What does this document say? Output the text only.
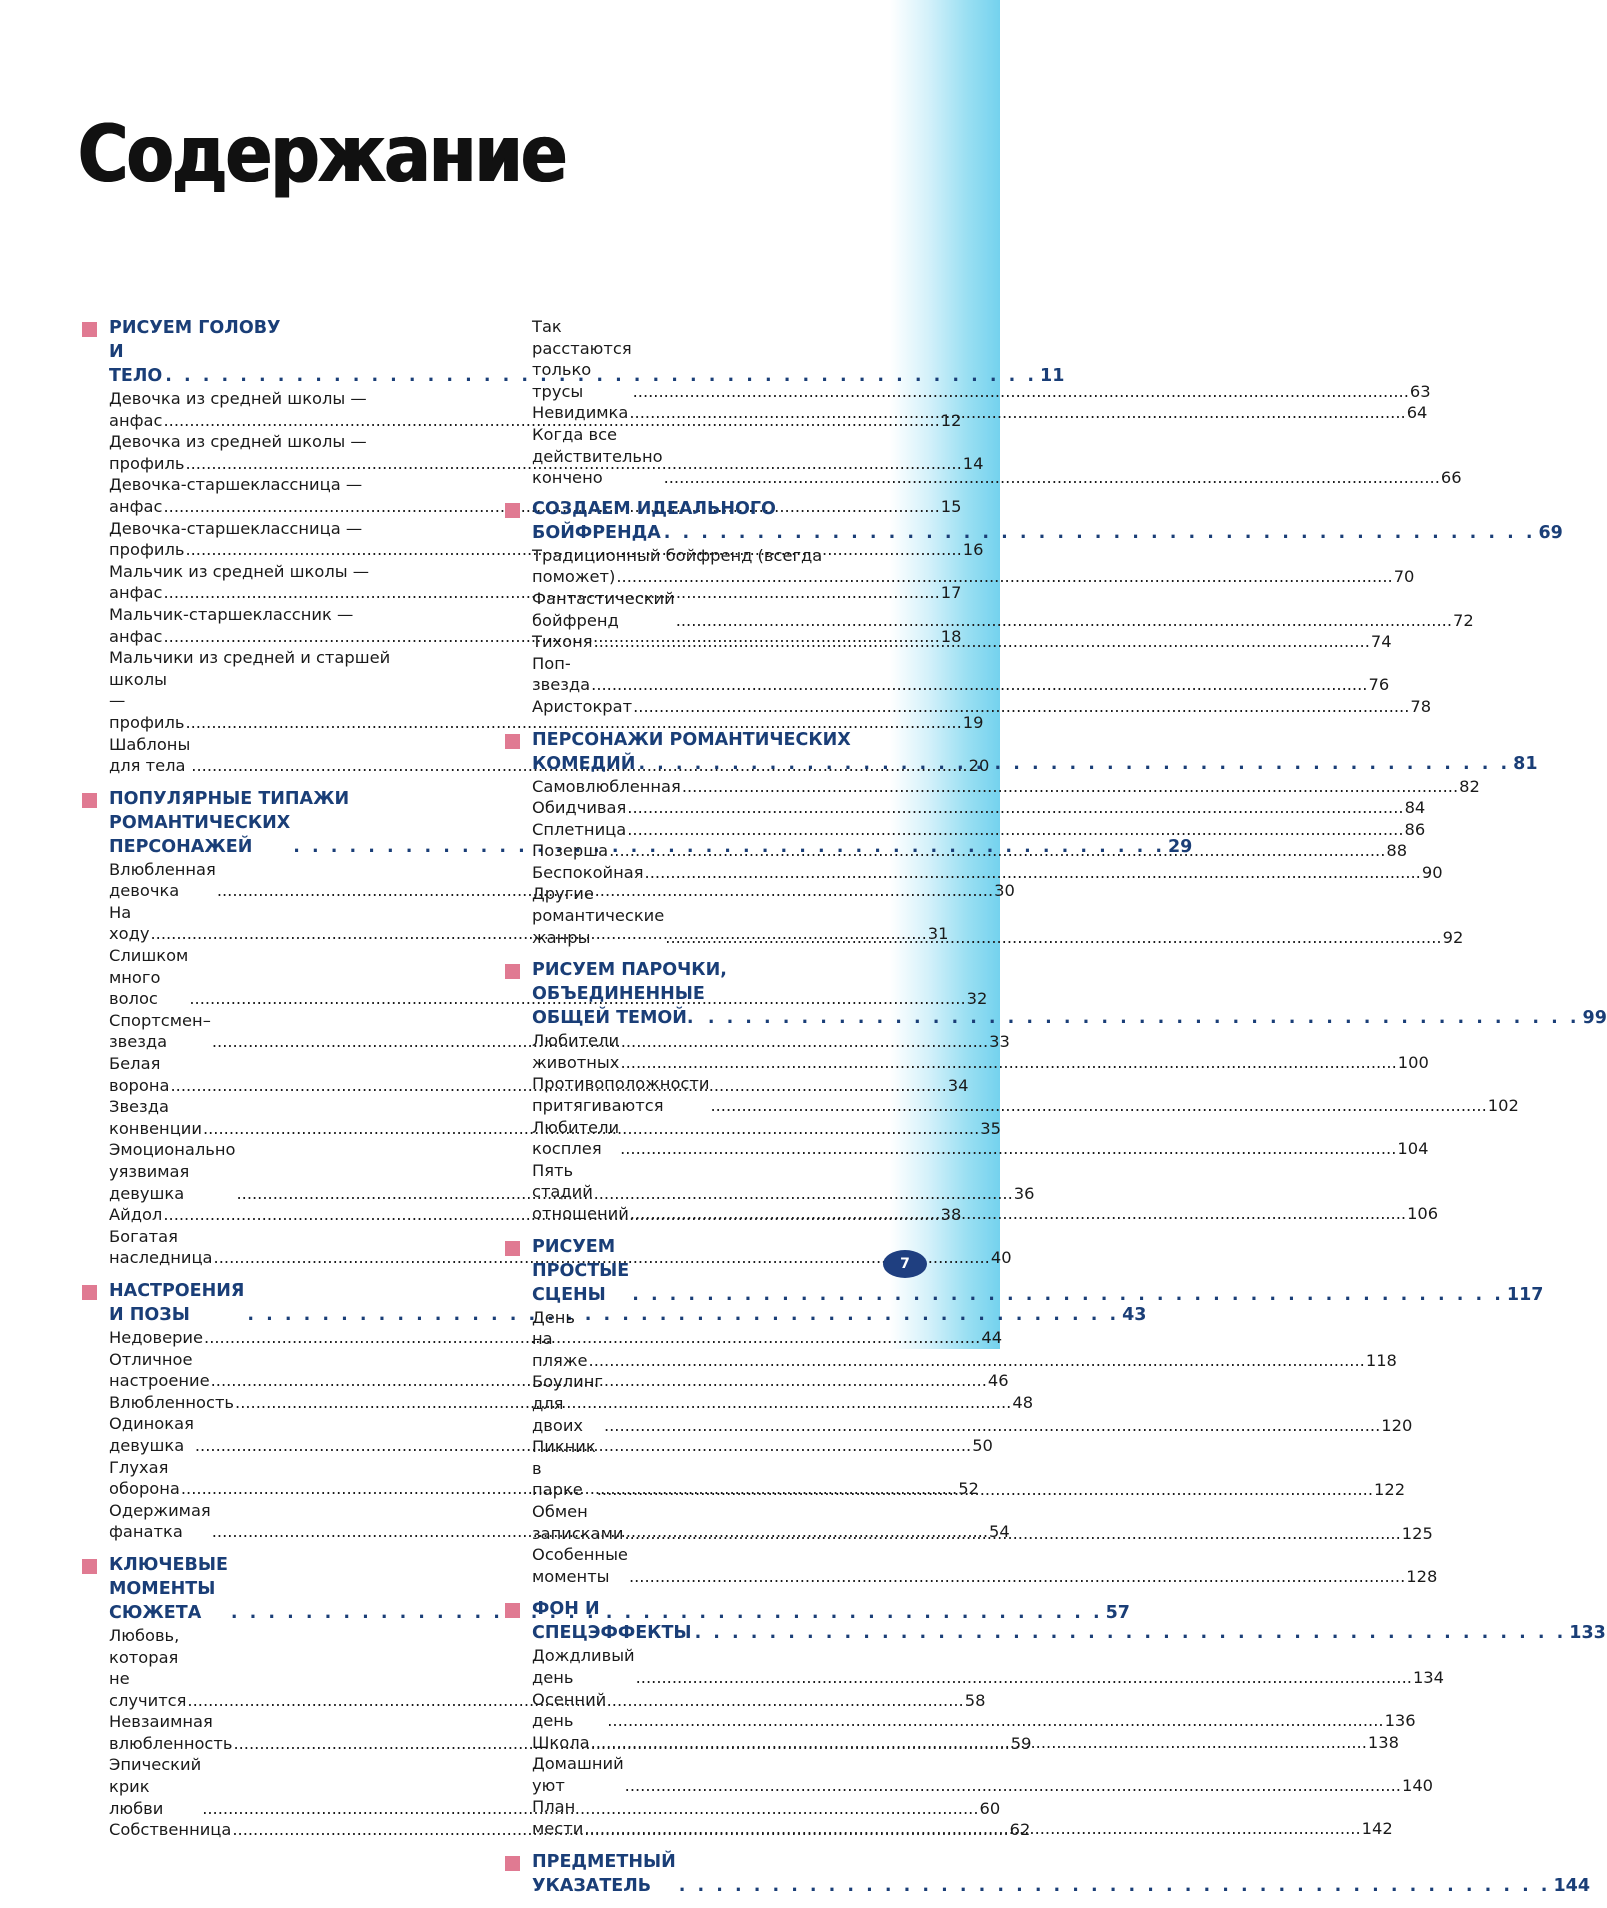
Содержание
РИСУЕМ ГОЛОВУ
И ТЕЛО . . .	11
Девочка из средней школы —
анфас .....	12
Девочка из средней школы —
профиль .....	14
Девочка-старшеклассница —
анфас .....	15
Девочка-старшеклассница —
профиль .....	16
Мальчик из средней школы —
анфас .....	17
Мальчик-старшеклассник —
анфас .....	18
Мальчики из средней и старшей
школы — профиль .....	19
Шаблоны для тела .....	20
ПОПУЛЯРНЫЕ ТИПАЖИ
РОМАНТИЧЕСКИХ ПЕРСОНАЖЕЙ . . .	29
Влюбленная девочка .....	30
На ходу .....	31
Слишком много волос .....	32
Спортсмен–звезда .....	33
Белая ворона .....	34
Звезда конвенции .....	35
Эмоционально уязвимая девушка .....	36
Айдол .....	38
Богатая наследница .....	40
НАСТРОЕНИЯ И ПОЗЫ . . .	43
Недоверие .....	44
Отличное настроение .....	46
Влюбленность .....	48
Одинокая девушка .....	50
Глухая оборона .....	52
Одержимая фанатка .....	54
КЛЮЧЕВЫЕ МОМЕНТЫ СЮЖЕТА . . .	57
Любовь, которая не случится .....	58
Невзаимная влюбленность .....	59
Эпический крик любви .....	60
Собственница .....	62
Так расстаются только трусы .....	63
Невидимка .....	64
Когда все действительно кончено .....	66
СОЗДАЕМ ИДЕАЛЬНОГО
БОЙФРЕНДА . . .	69
Традиционный бойфренд (всегда
поможет) .....	70
Фантастический бойфренд .....	72
Тихоня .....	74
Поп-звезда .....	76
Аристократ .....	78
ПЕРСОНАЖИ РОМАНТИЧЕСКИХ
КОМЕДИЙ . . .	81
Самовлюбленная .....	82
Обидчивая .....	84
Сплетница .....	86
Позерша .....	88
Беспокойная .....	90
Другие романтические жанры .....	92
РИСУЕМ ПАРОЧКИ,
ОБЪЕДИНЕННЫЕ ОБЩЕЙ ТЕМОЙ. . . .	99
Любители животных .....	100
Противоположности притягиваются .....	102
Любители косплея .....	104
Пять стадий отношений .....	106
РИСУЕМ ПРОСТЫЕ СЦЕНЫ . . .	117
День на пляже .....	118
Боулинг для двоих .....	120
Пикник в парке .....	122
Обмен записками .....	125
Особенные моменты .....	128
ФОН И СПЕЦЭФФЕКТЫ . . .	133
Дождливый день .....	134
Осенний день .....	136
Школа .....	138
Домашний уют .....	140
План мести .....	142
ПРЕДМЕТНЫЙ УКАЗАТЕЛЬ . . .	144
7
